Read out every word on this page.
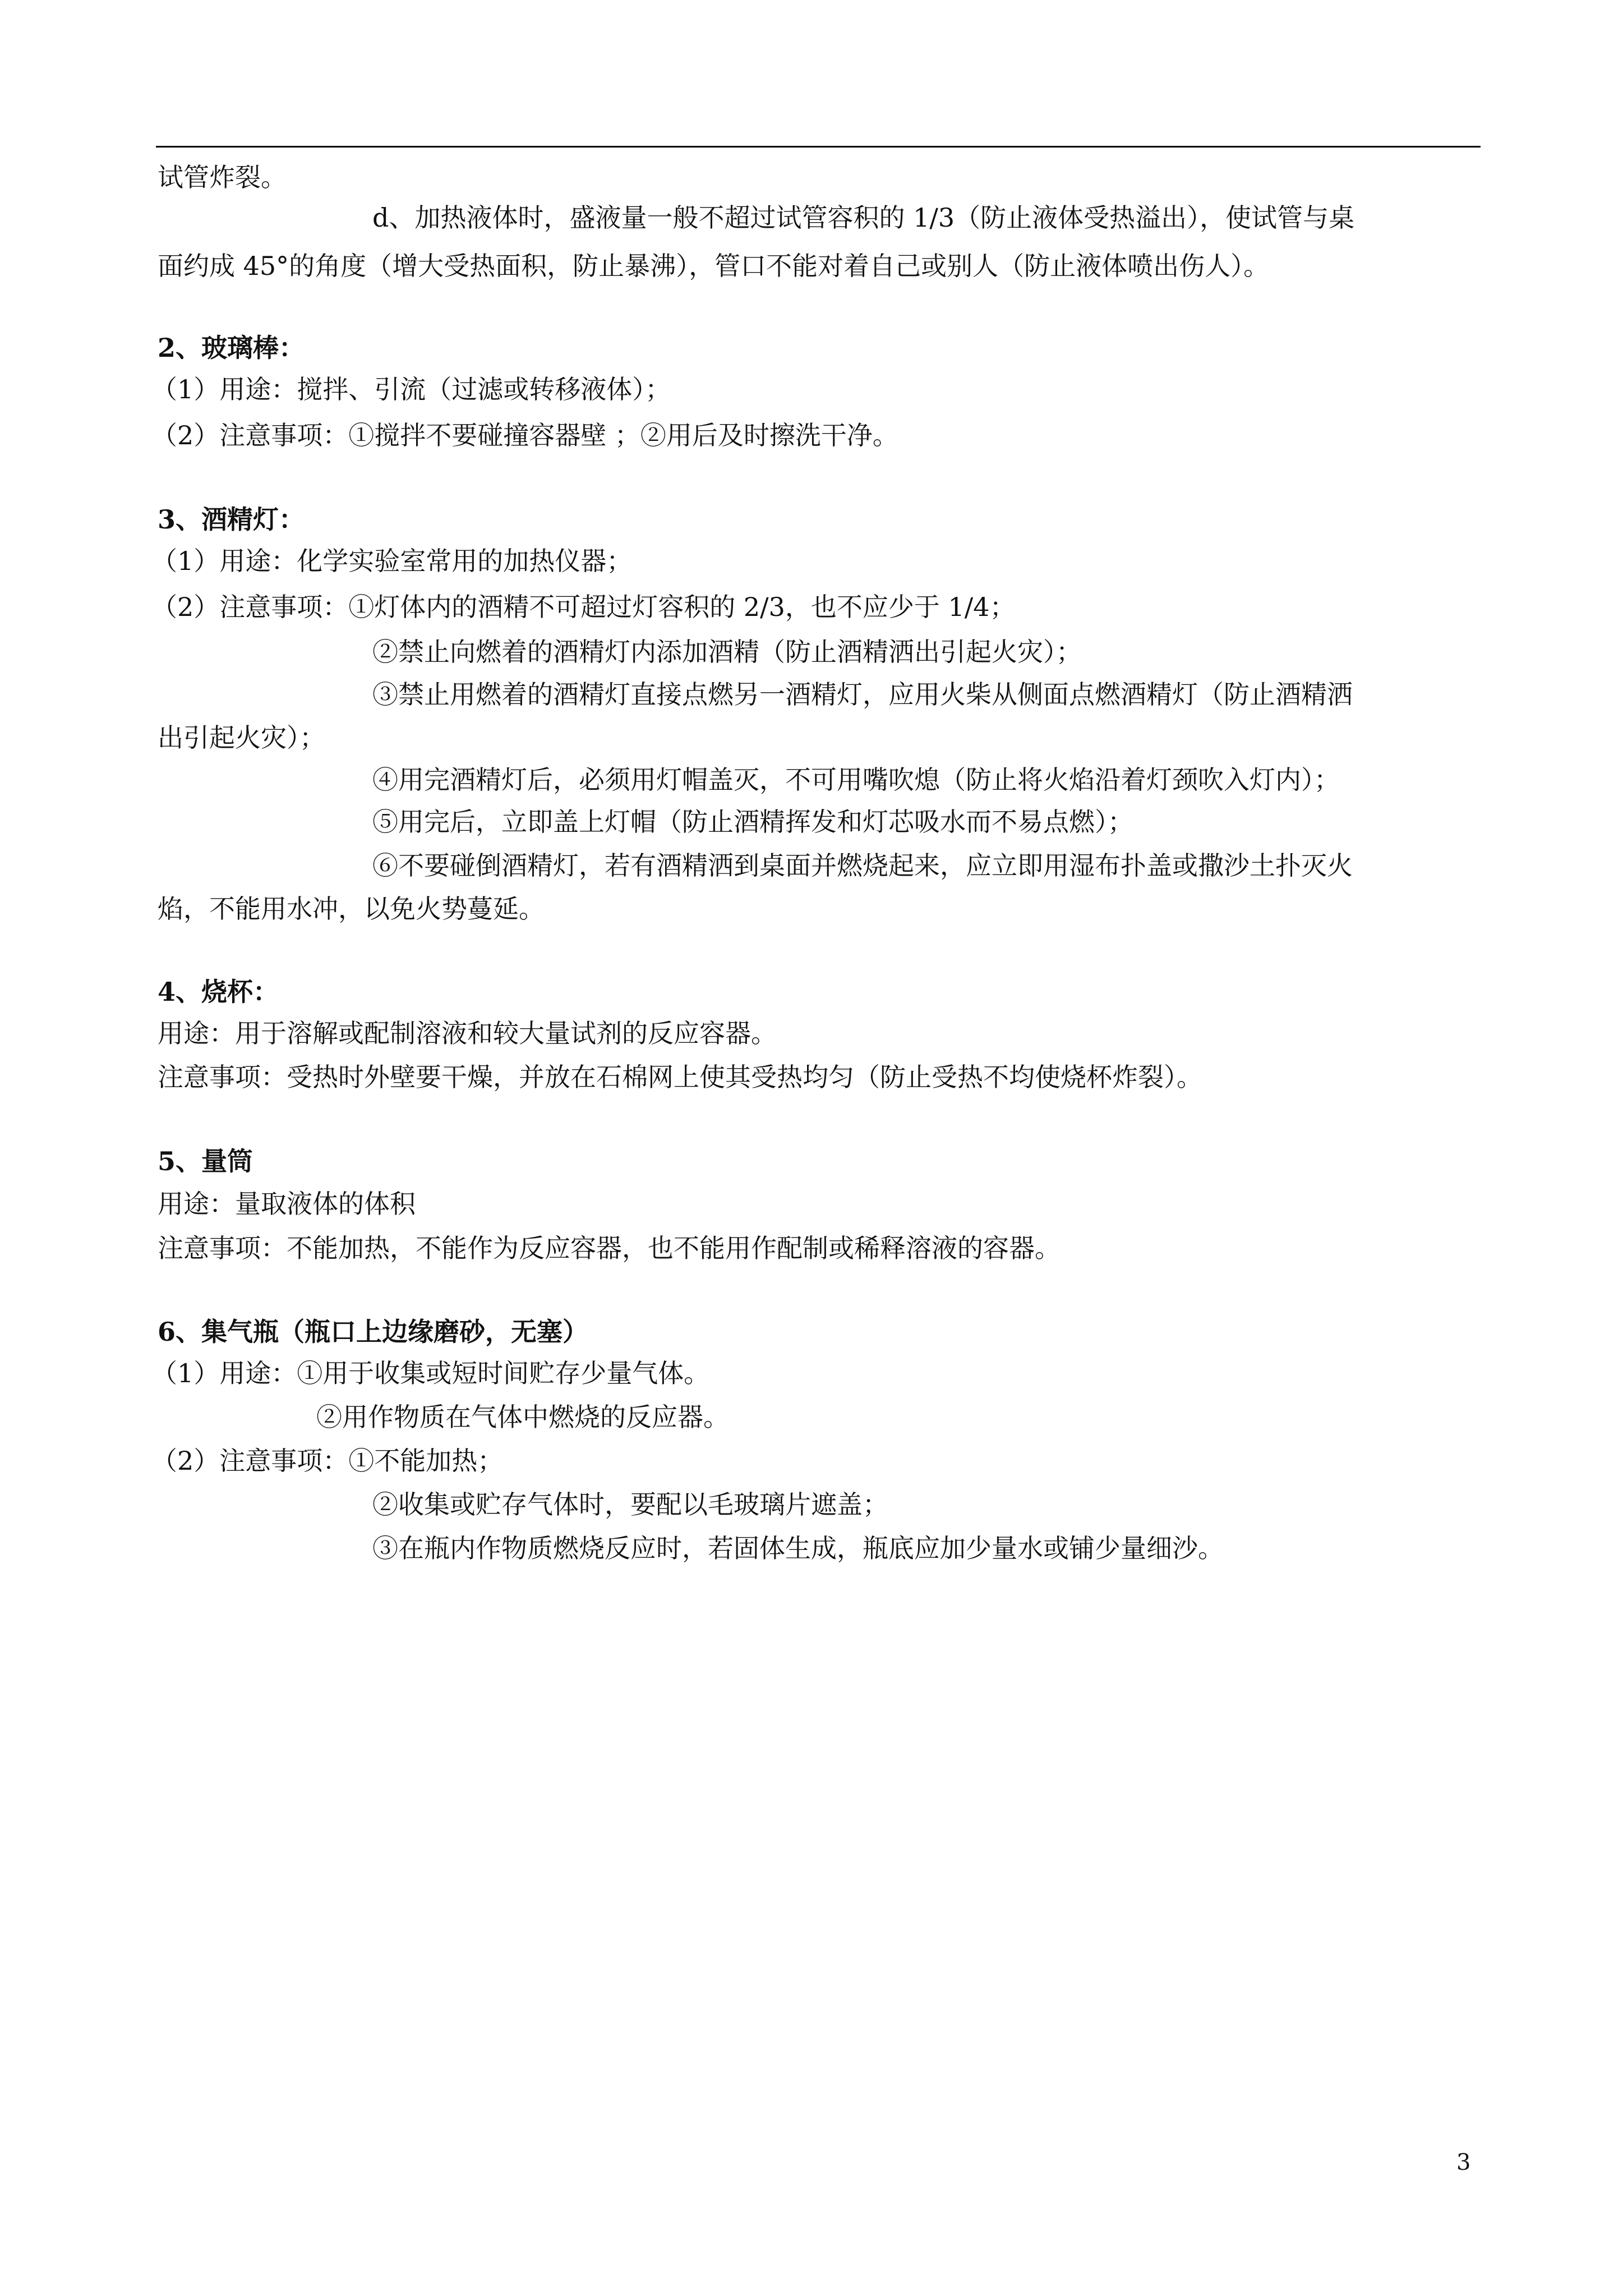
试管炸裂。
d、加热液体时，盛液量一般不超过试管容积的 1/3（防止液体受热溢出），使试管与桌
面约成 45°的角度（增大受热面积，防止暴沸），管口不能对着自己或别人（防止液体喷出伤人）。
2、玻璃棒：
（1）用途：搅拌、引流（过滤或转移液体）；
（2）注意事项：①搅拌不要碰撞容器壁 ；②用后及时擦洗干净。
3、酒精灯：
（1）用途：化学实验室常用的加热仪器；
（2）注意事项：①灯体内的酒精不可超过灯容积的 2/3，也不应少于 1/4；
②禁止向燃着的酒精灯内添加酒精（防止酒精洒出引起火灾）；
③禁止用燃着的酒精灯直接点燃另一酒精灯，应用火柴从侧面点燃酒精灯（防止酒精洒
出引起火灾）；
④用完酒精灯后，必须用灯帽盖灭，不可用嘴吹熄（防止将火焰沿着灯颈吹入灯内）；
⑤用完后，立即盖上灯帽（防止酒精挥发和灯芯吸水而不易点燃）；
⑥不要碰倒酒精灯，若有酒精洒到桌面并燃烧起来，应立即用湿布扑盖或撒沙土扑灭火
焰，不能用水冲，以免火势蔓延。
4、烧杯：
用途：用于溶解或配制溶液和较大量试剂的反应容器。
注意事项：受热时外壁要干燥，并放在石棉网上使其受热均匀（防止受热不均使烧杯炸裂）。
5、量筒
用途：量取液体的体积
注意事项：不能加热，不能作为反应容器，也不能用作配制或稀释溶液的容器。
6、集气瓶（瓶口上边缘磨砂，无塞）
（1）用途：①用于收集或短时间贮存少量气体。
②用作物质在气体中燃烧的反应器。
（2）注意事项：①不能加热；
②收集或贮存气体时，要配以毛玻璃片遮盖；
③在瓶内作物质燃烧反应时，若固体生成，瓶底应加少量水或铺少量细沙。
3
